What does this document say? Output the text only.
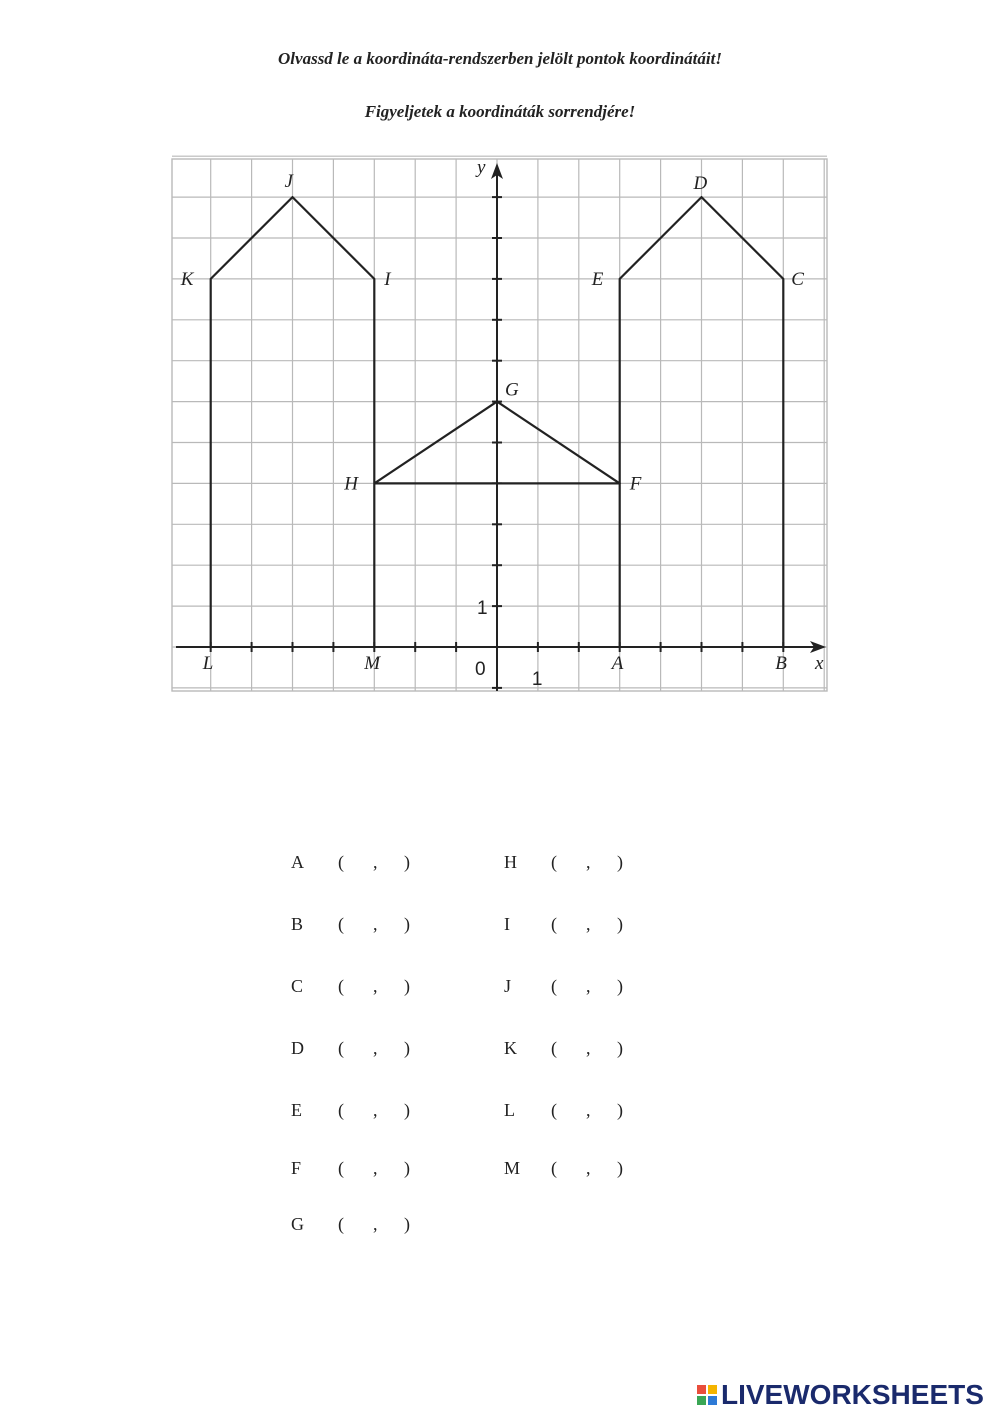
Olvassd le a koordináta-rendszerben jelölt pontok koordinátáit!
Figyeljetek a koordináták sorrendjére!
x
y
0 1
1
A	B
C
D
E
F
G
H
I
J
K
L	M
A ( , )
B ( , )
C ( , )
D ( , )
E ( , )
F ( , )
G ( , )
H ( , )
I ( , )
J ( , )
K ( , )
L ( , )
M ( , )
LIVEWORKSHEETS
